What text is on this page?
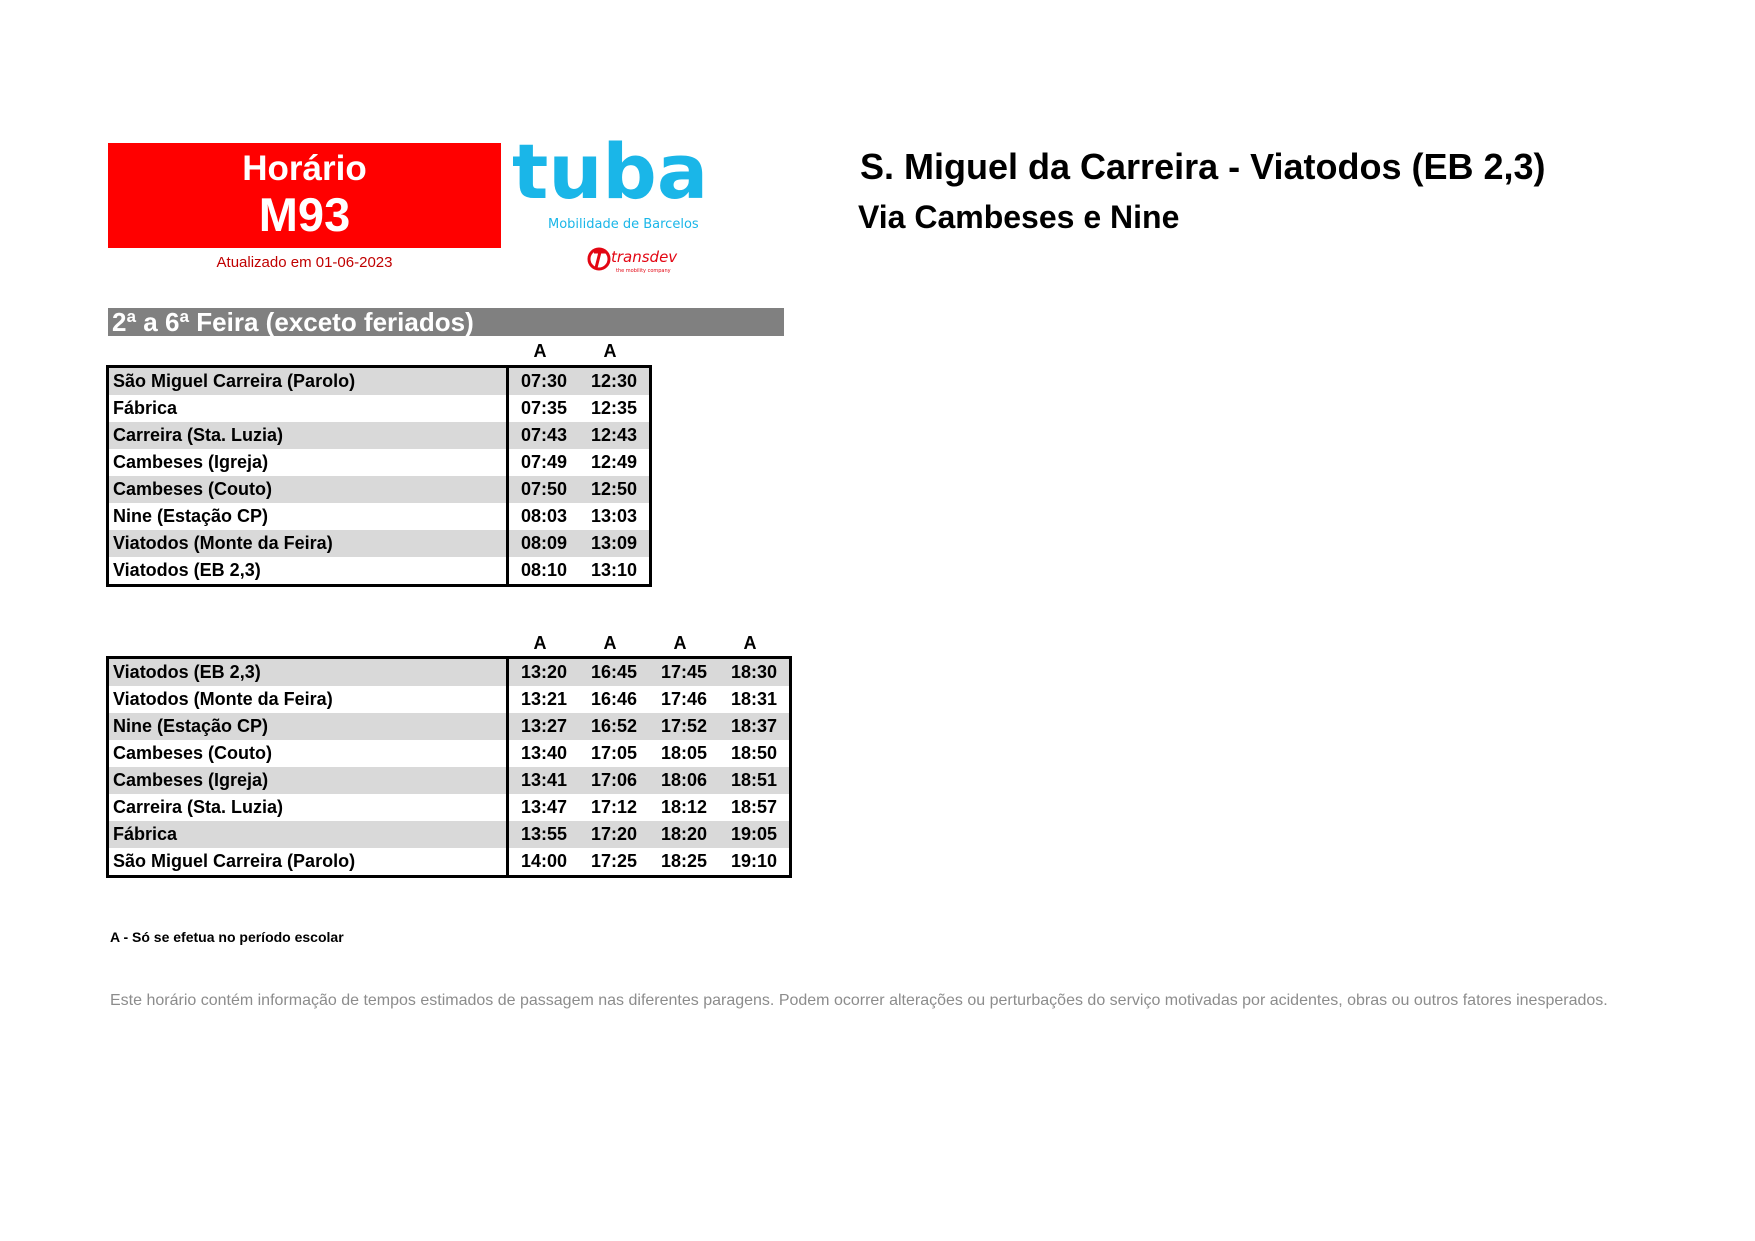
Horário
M93
Atualizado em 01-06-2023
tuba
Mobilidade de Barcelos
transdev
the mobility company
S. Miguel da Carreira - Viatodos (EB 2,3)
Via Cambeses e Nine
2ª a 6ª Feira (exceto feriados)
A	A
São Miguel Carreira (Parolo)	07:30	12:30
Fábrica	07:35	12:35
Carreira (Sta. Luzia)	07:43	12:43
Cambeses (Igreja)	07:49	12:49
Cambeses (Couto)	07:50	12:50
Nine (Estação CP)	08:03	13:03
Viatodos (Monte da Feira)	08:09	13:09
Viatodos (EB 2,3)	08:10	13:10
A	A	A	A
Viatodos (EB 2,3)	13:20	16:45	17:45	18:30
Viatodos (Monte da Feira)	13:21	16:46	17:46	18:31
Nine (Estação CP)	13:27	16:52	17:52	18:37
Cambeses (Couto)	13:40	17:05	18:05	18:50
Cambeses (Igreja)	13:41	17:06	18:06	18:51
Carreira (Sta. Luzia)	13:47	17:12	18:12	18:57
Fábrica	13:55	17:20	18:20	19:05
São Miguel Carreira (Parolo)	14:00	17:25	18:25	19:10
A - Só se efetua no período escolar
Este horário contém informação de tempos estimados de passagem nas diferentes paragens. Podem ocorrer alterações ou perturbações do serviço motivadas por acidentes, obras ou outros fatores inesperados.
